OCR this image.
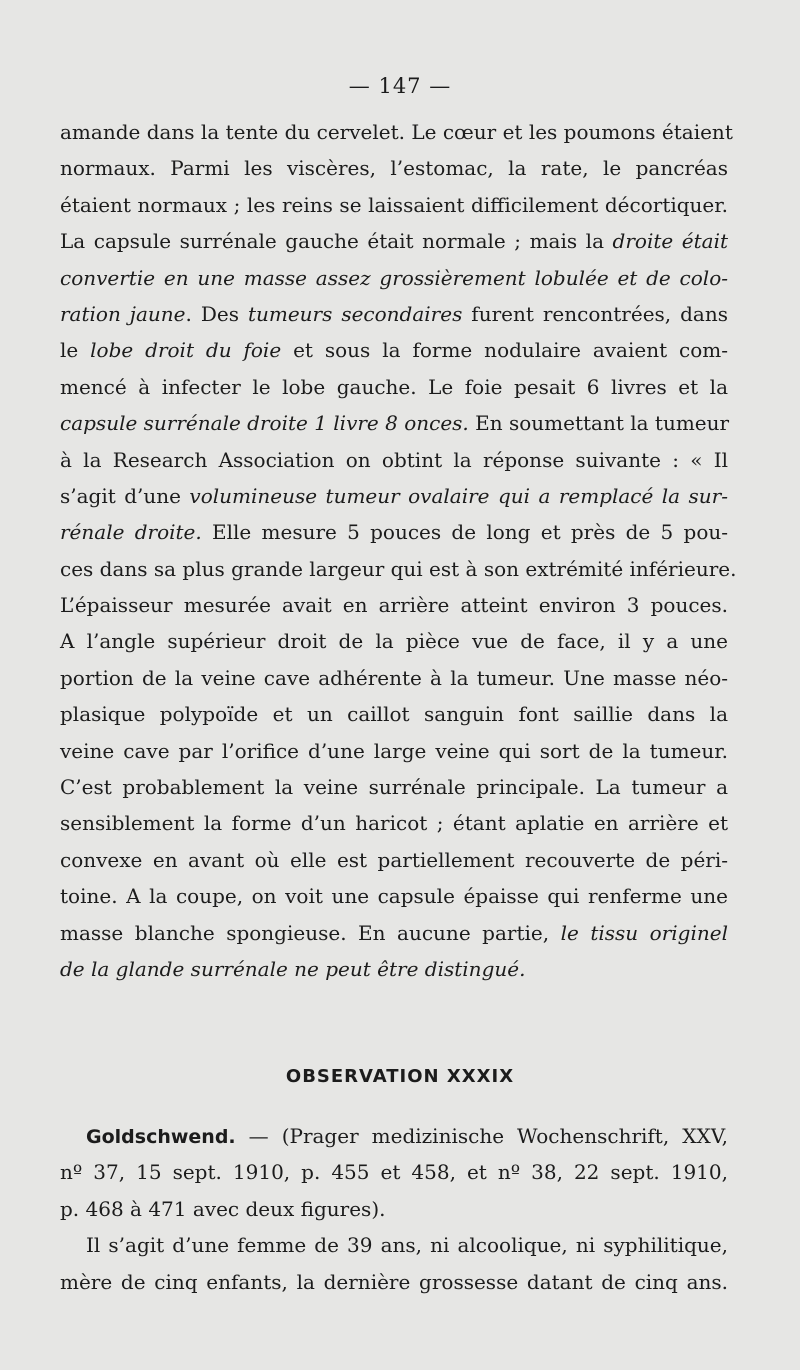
— 147 —
amande dans la tente du cervelet. Le cœur et les poumons étaient
normaux. Parmi les viscères, l’estomac, la rate, le pancréas
étaient normaux ; les reins se laissaient difficilement décortiquer.
La capsule surrénale gauche était normale ; mais la droite était
convertie en une masse assez grossièrement lobulée et de colo-
ration jaune. Des tumeurs secondaires furent rencontrées, dans
le lobe droit du foie et sous la forme nodulaire avaient com-
mencé à infecter le lobe gauche. Le foie pesait 6 livres et la
capsule surrénale droite 1 livre 8 onces. En soumettant la tumeur
à la Research Association on obtint la réponse suivante : « Il
s’agit d’une volumineuse tumeur ovalaire qui a remplacé la sur-
rénale droite. Elle mesure 5 pouces de long et près de 5 pou-
ces dans sa plus grande largeur qui est à son extrémité inférieure.
L’épaisseur mesurée avait en arrière atteint environ 3 pouces.
A l’angle supérieur droit de la pièce vue de face, il y a une
portion de la veine cave adhérente à la tumeur. Une masse néo-
plasique polypoïde et un caillot sanguin font saillie dans la
veine cave par l’orifice d’une large veine qui sort de la tumeur.
C’est probablement la veine surrénale principale. La tumeur a
sensiblement la forme d’un haricot ; étant aplatie en arrière et
convexe en avant où elle est partiellement recouverte de péri-
toine. A la coupe, on voit une capsule épaisse qui renferme une
masse blanche spongieuse. En aucune partie, le tissu originel
de la glande surrénale ne peut être distingué.
OBSERVATION XXXIX
Goldschwend. — (Prager medizinische Wochenschrift, XXV,
nº 37, 15 sept. 1910, p. 455 et 458, et nº 38, 22 sept. 1910,
p. 468 à 471 avec deux figures).
Il s’agit d’une femme de 39 ans, ni alcoolique, ni syphilitique,
mère de cinq enfants, la dernière grossesse datant de cinq ans.
